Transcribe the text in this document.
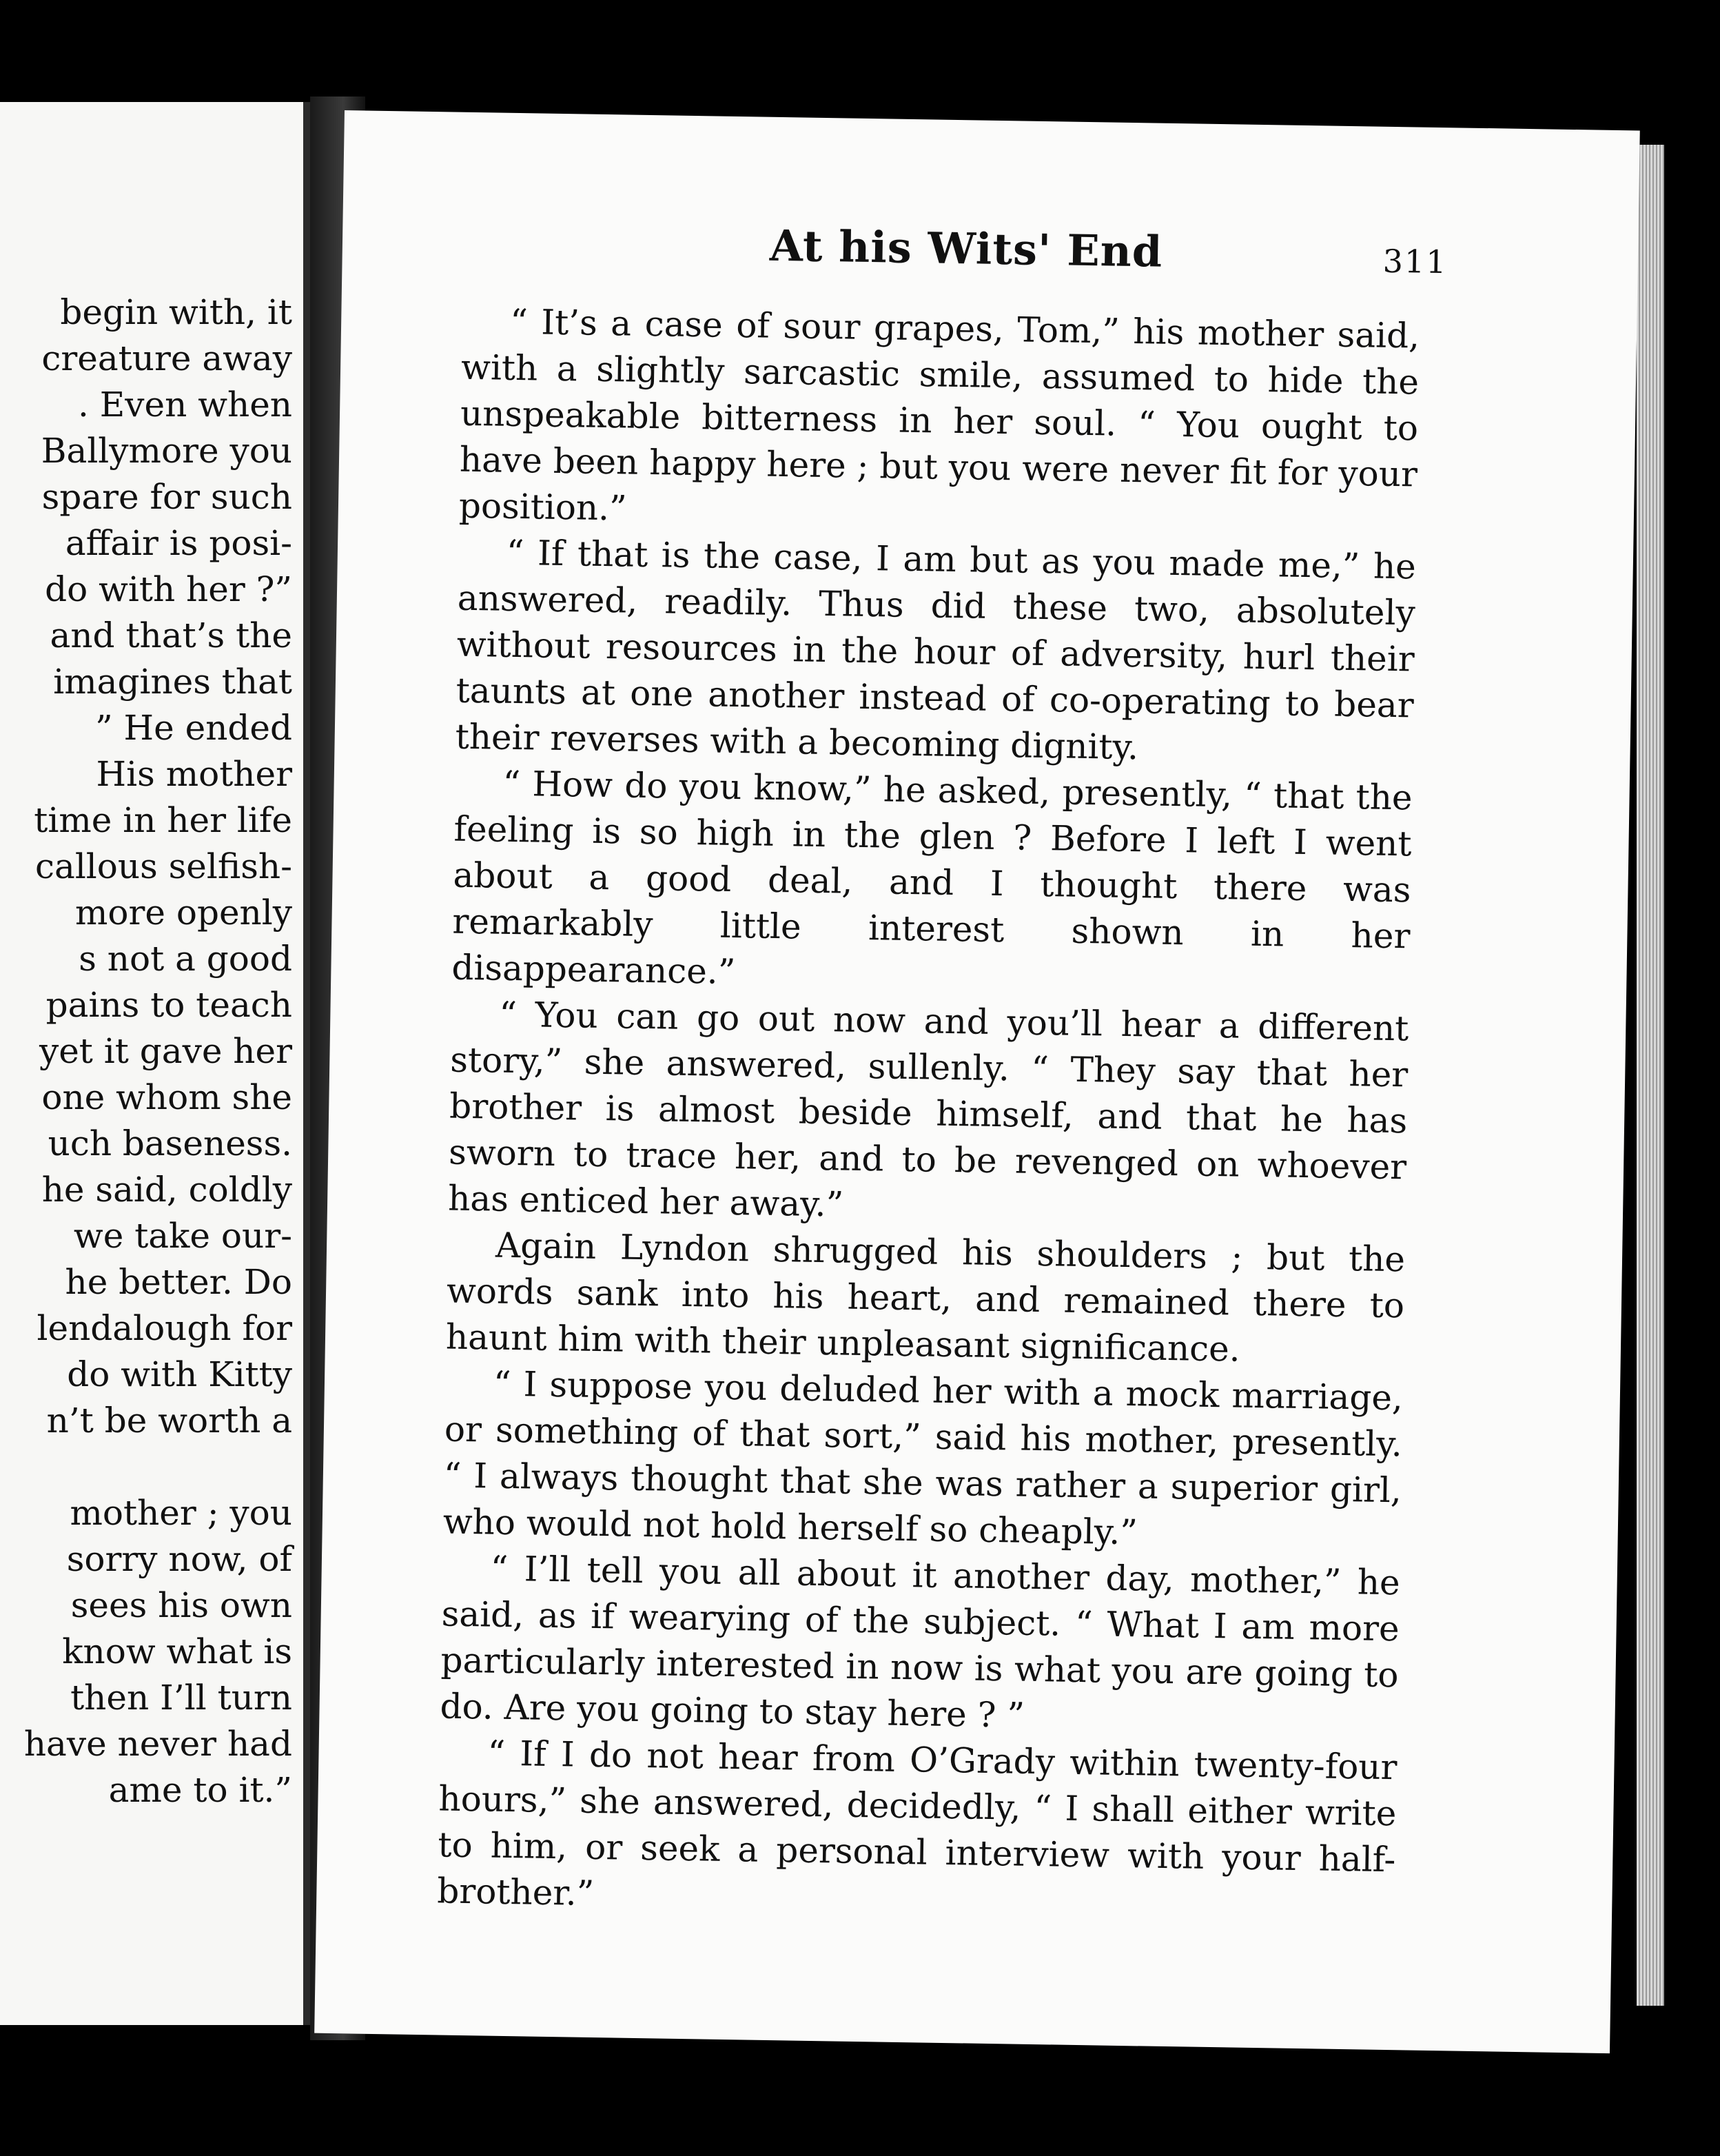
begin with, it
creature away
. Even when
Ballymore you
spare for such
affair is posi-
do with her ?”
and that’s the
imagines that
” He ended
His mother
time in her life
callous selfish-
more openly
s not a good
pains to teach
yet it gave her
one whom she
uch baseness.
he said, coldly
we take our-
he better. Do
lendalough for
do with Kitty
n’t be worth a
mother ; you
sorry now, of
sees his own
know what is
then I’ll turn
have never had
ame to it.”
At his Wits' End	311

“ It’s a case of sour grapes, Tom,” his mother said, with a slightly sarcastic smile, assumed to hide the unspeakable bitterness in her soul. “ You ought to have been happy here ; but you were never fit for your position.”

“ If that is the case, I am but as you made me,” he answered, readily. Thus did these two, absolutely without resources in the hour of adversity, hurl their taunts at one another instead of co-operating to bear their reverses with a becoming dignity.

“ How do you know,” he asked, presently, “ that the feeling is so high in the glen ? Before I left I went about a good deal, and I thought there was remarkably little interest shown in her disappearance.”

“ You can go out now and you’ll hear a different story,” she answered, sullenly. “ They say that her brother is almost beside himself, and that he has sworn to trace her, and to be revenged on whoever has enticed her away.”

Again Lyndon shrugged his shoulders ; but the words sank into his heart, and remained there to haunt him with their unpleasant significance.

“ I suppose you deluded her with a mock marriage, or something of that sort,” said his mother, presently. “ I always thought that she was rather a superior girl, who would not hold herself so cheaply.”

“ I’ll tell you all about it another day, mother,” he said, as if wearying of the subject. “ What I am more particularly interested in now is what you are going to do. Are you going to stay here ? ”

“ If I do not hear from O’Grady within twenty-four hours,” she answered, decidedly, “ I shall either write to him, or seek a personal interview with your half-brother.”
